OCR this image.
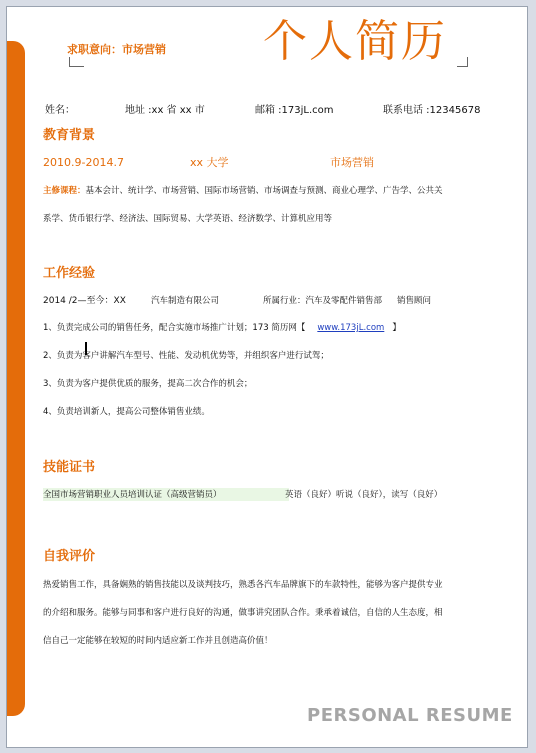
求职意向：市场营销 个人简历
姓名：	地址 :xx 省 xx 市	邮箱 :173jL.com	联系电话 :12345678
教育背景
2010.9-2014.7	xx 大学	市场营销
主修课程：基本会计、统计学、市场营销、国际市场营销、市场调查与预测、商业心理学、广告学、公共关
系学、货币银行学、经济法、国际贸易、大学英语、经济数学、计算机应用等
工作经验
2014 /2—至今：XX	汽车制造有限公司	所属行业：汽车及零配件销售部 销售顾问
1、负责完成公司的销售任务，配合实施市场推广计划；173 简历网【 www.173jL.com 】
2、负责为客户讲解汽车型号、性能、发动机优势等，并组织客户进行试驾；
3、负责为客户提供优质的服务，提高二次合作的机会；
4、负责培训新人，提高公司整体销售业绩。
技能证书
全国市场营销职业人员培训认证（高级营销员）	英语（良好）听说（良好），读写（良好）
自我评价
热爱销售工作，具备娴熟的销售技能以及谈判技巧，熟悉各汽车品牌旗下的车款特性，能够为客户提供专业
的介绍和服务。能够与同事和客户进行良好的沟通，做事讲究团队合作。秉承着诚信，自信的人生态度，相
信自己一定能够在较短的时间内适应新工作并且创造高价值！
PERSONAL RESUME
